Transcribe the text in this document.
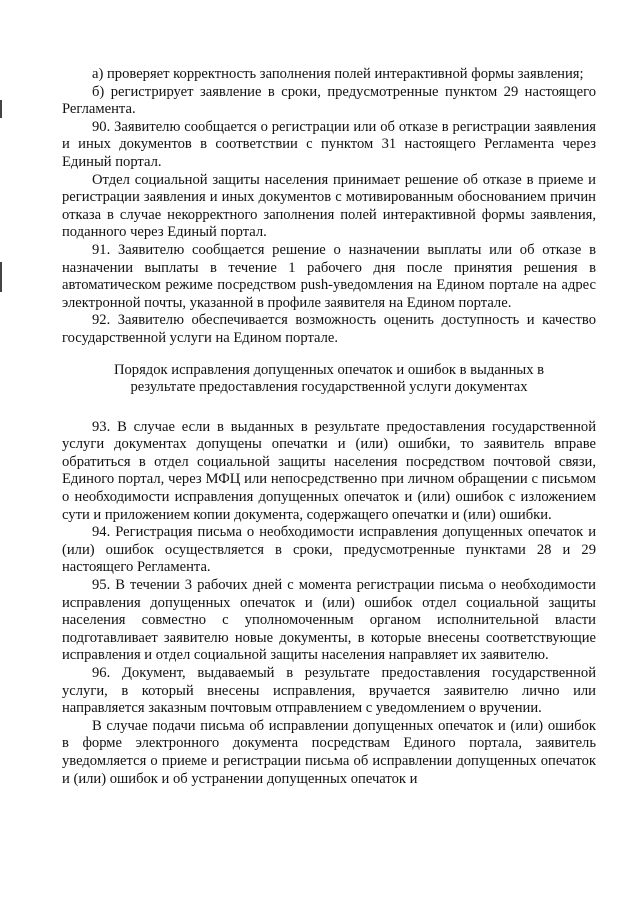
а) проверяет корректность заполнения полей интерактивной формы заявления;

б) регистрирует заявление в сроки, предусмотренные пунктом 29 настоящего Регламента.

90. Заявителю сообщается о регистрации или об отказе в регистрации заявления и иных документов в соответствии с пунктом 31 настоящего Регламента через Единый портал.

Отдел социальной защиты населения принимает решение об отказе в приеме и регистрации заявления и иных документов с мотивированным обоснованием причин отказа в случае некорректного заполнения полей интерактивной формы заявления, поданного через Единый портал.

91. Заявителю сообщается решение о назначении выплаты или об отказе в назначении выплаты в течение 1 рабочего дня после принятия решения в автоматическом режиме посредством push-уведомления на Едином портале на адрес электронной почты, указанной в профиле заявителя на Едином портале.

92. Заявителю обеспечивается возможность оценить доступность и качество государственной услуги на Едином портале.

Порядок исправления допущенных опечаток и ошибок в выданных в результате предоставления государственной услуги документах

93. В случае если в выданных в результате предоставления государственной услуги документах допущены опечатки и (или) ошибки, то заявитель вправе обратиться в отдел социальной защиты населения посредством почтовой связи, Единого портал, через МФЦ или непосредственно при личном обращении с письмом о необходимости исправления допущенных опечаток и (или) ошибок с изложением сути и приложением копии документа, содержащего опечатки и (или) ошибки.

94. Регистрация письма о необходимости исправления допущенных опечаток и (или) ошибок осуществляется в сроки, предусмотренные пунктами 28 и 29 настоящего Регламента.

95. В течении 3 рабочих дней с момента регистрации письма о необходимости исправления допущенных опечаток и (или) ошибок отдел социальной защиты населения совместно с уполномоченным органом исполнительной власти подготавливает заявителю новые документы, в которые внесены соответствующие исправления и отдел социальной защиты населения направляет их заявителю.

96. Документ, выдаваемый в результате предоставления государственной услуги, в который внесены исправления, вручается заявителю лично или направляется заказным почтовым отправлением с уведомлением о вручении.

В случае подачи письма об исправлении допущенных опечаток и (или) ошибок в форме электронного документа посредствам Единого портала, заявитель уведомляется о приеме и регистрации письма об исправлении допущенных опечаток и (или) ошибок и об устранении допущенных опечаток и
